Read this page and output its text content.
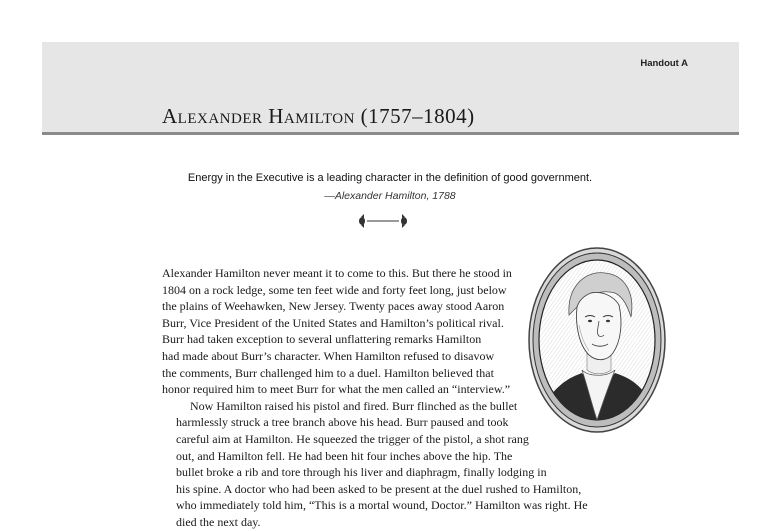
Handout A
Alexander Hamilton (1757–1804)
Energy in the Executive is a leading character in the definition of good government.
—Alexander Hamilton, 1788

Alexander Hamilton never meant it to come to this. But there he stood in
1804 on a rock ledge, some ten feet wide and forty feet long, just below
the plains of Weehawken, New Jersey. Twenty paces away stood Aaron
Burr, Vice President of the United States and Hamilton’s political rival.
Burr had taken exception to several unflattering remarks Hamilton
had made about Burr’s character. When Hamilton refused to disavow
the comments, Burr challenged him to a duel. Hamilton believed that
honor required him to meet Burr for what the men called an “interview.”

Now Hamilton raised his pistol and fired. Burr flinched as the bullet
harmlessly struck a tree branch above his head. Burr paused and took
careful aim at Hamilton. He squeezed the trigger of the pistol, a shot rang
out, and Hamilton fell. He had been hit four inches above the hip. The
bullet broke a rib and tore through his liver and diaphragm, finally lodging in
his spine. A doctor who had been asked to be present at the duel rushed to Hamilton,
who immediately told him, “This is a mortal wound, Doctor.” Hamilton was right. He
died the next day.
